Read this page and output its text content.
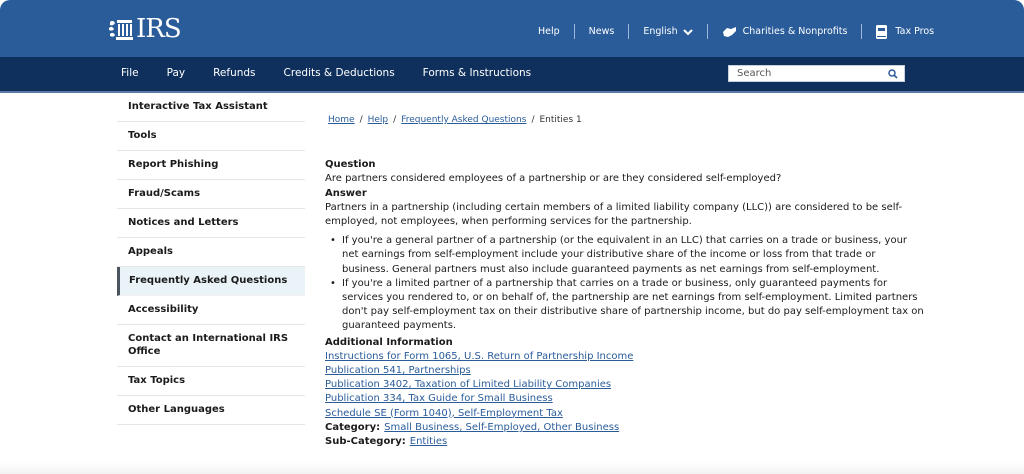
IRS	Help	News	English	Charities & Nonprofits	Tax Pros
File	Pay	Refunds	Credits & Deductions	Forms & Instructions
Search
Interactive Tax Assistant
Tools
Report Phishing
Fraud/Scams
Notices and Letters
Appeals
Frequently Asked Questions
Accessibility
Contact an International IRS Office
Tax Topics
Other Languages
Home / Help / Frequently Asked Questions / Entities 1
Question
Are partners considered employees of a partnership or are they considered self-employed?
Answer
Partners in a partnership (including certain members of a limited liability company (LLC)) are considered to be self-employed, not employees, when performing services for the partnership.
• If you're a general partner of a partnership (or the equivalent in an LLC) that carries on a trade or business, your net earnings from self-employment include your distributive share of the income or loss from that trade or business. General partners must also include guaranteed payments as net earnings from self-employment.
• If you're a limited partner of a partnership that carries on a trade or business, only guaranteed payments for services you rendered to, or on behalf of, the partnership are net earnings from self-employment. Limited partners don't pay self-employment tax on their distributive share of partnership income, but do pay self-employment tax on guaranteed payments.
Additional Information
Instructions for Form 1065, U.S. Return of Partnership Income
Publication 541, Partnerships
Publication 3402, Taxation of Limited Liability Companies
Publication 334, Tax Guide for Small Business
Schedule SE (Form 1040), Self-Employment Tax
Category: Small Business, Self-Employed, Other Business
Sub-Category: Entities
